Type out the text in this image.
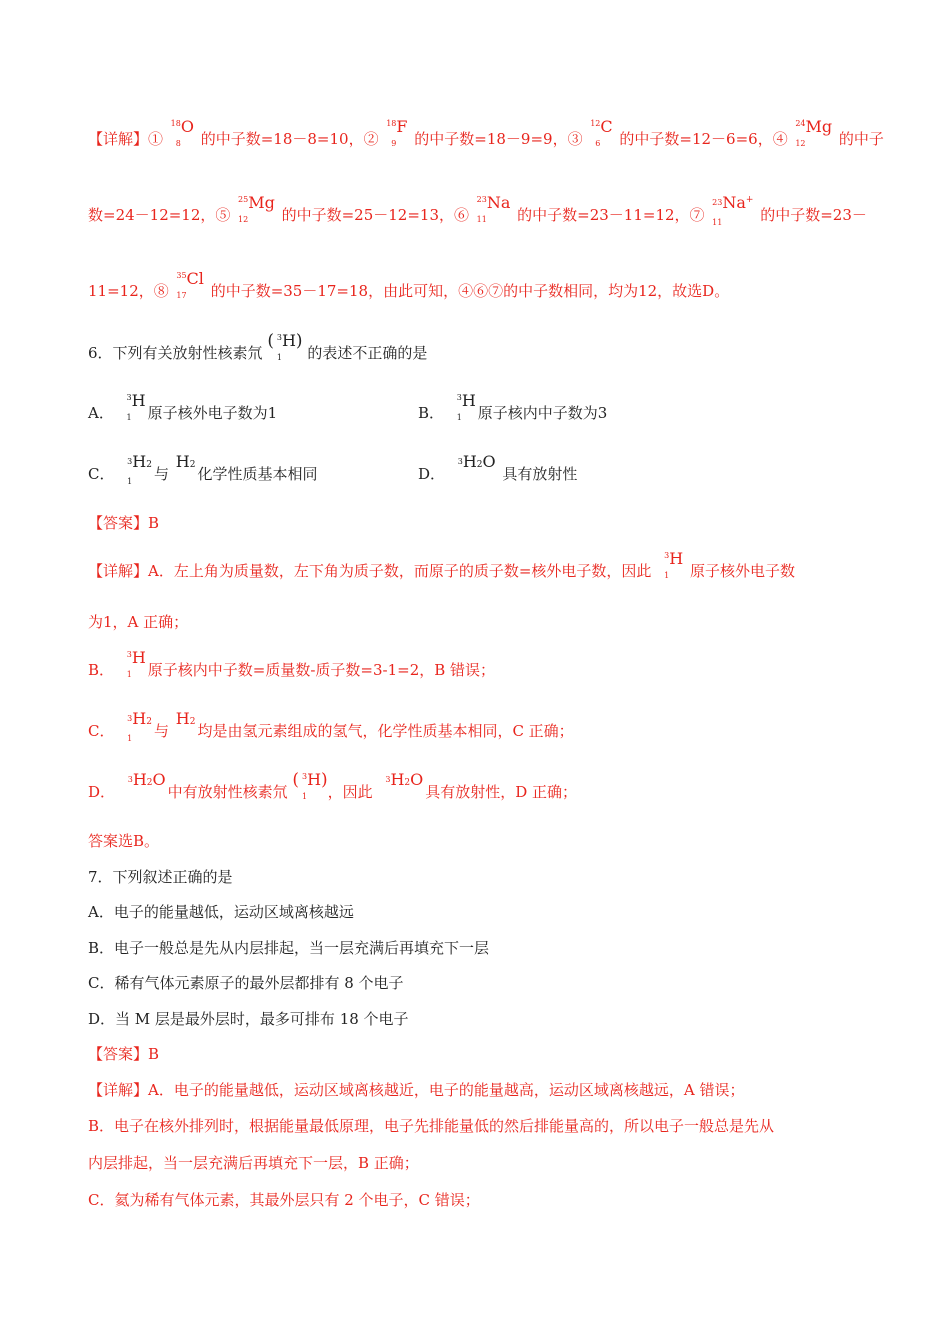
【详解】①
18
8
O 的中子数=18－8=10，②
18
9
F 的中子数=18－9=9，③
12
6
C 的中子数=12－6=6，④
24
12
Mg 的中子
数=24－12=12，⑤
25
12
Mg 的中子数=25－12=13，⑥
23
11
Na 的中子数=23－11=12，⑦
23
11
Na+ 的中子数=23－
11=12，⑧
35
17
Cl 的中子数=35－17=18，由此可知，④⑥⑦的中子数相同，均为12，故选D。
6．下列有关放射性核素氘 ( 3
1
H) 的表述不正确的是
A．
3
1
H原子核外电子数为1	B．
3
1
H原子核内中子数为3
C．
3
1
H2 与 H2 化学性质基本相同	D．
3 H2O 具有放射性
【答案】B
【详解】A．左上角为质量数，左下角为质子数，而原子的质子数=核外电子数，因此
3
1
H 原子核外电子数
为1，A 正确；
B．
3
1
H原子核内中子数=质量数-质子数=3-1=2，B 错误；
C．
3
1
H2 与 H2 均是由氢元素组成的氢气，化学性质基本相同，C 正确；
D．
3 H2O中有放射性核素氘 ( 3
1
H)，因此
3 H2O具有放射性，D 正确；
答案选B。
7．下列叙述正确的是
A．电子的能量越低，运动区域离核越远
B．电子一般总是先从内层排起，当一层充满后再填充下一层
C．稀有气体元素原子的最外层都排有 8 个电子
D．当 M 层是最外层时，最多可排布 18 个电子
【答案】B
【详解】A．电子的能量越低，运动区域离核越近，电子的能量越高，运动区域离核越远，A 错误；
B．电子在核外排列时，根据能量最低原理，电子先排能量低的然后排能量高的，所以电子一般总是先从
内层排起，当一层充满后再填充下一层，B 正确；
C．氦为稀有气体元素，其最外层只有 2 个电子，C 错误；
